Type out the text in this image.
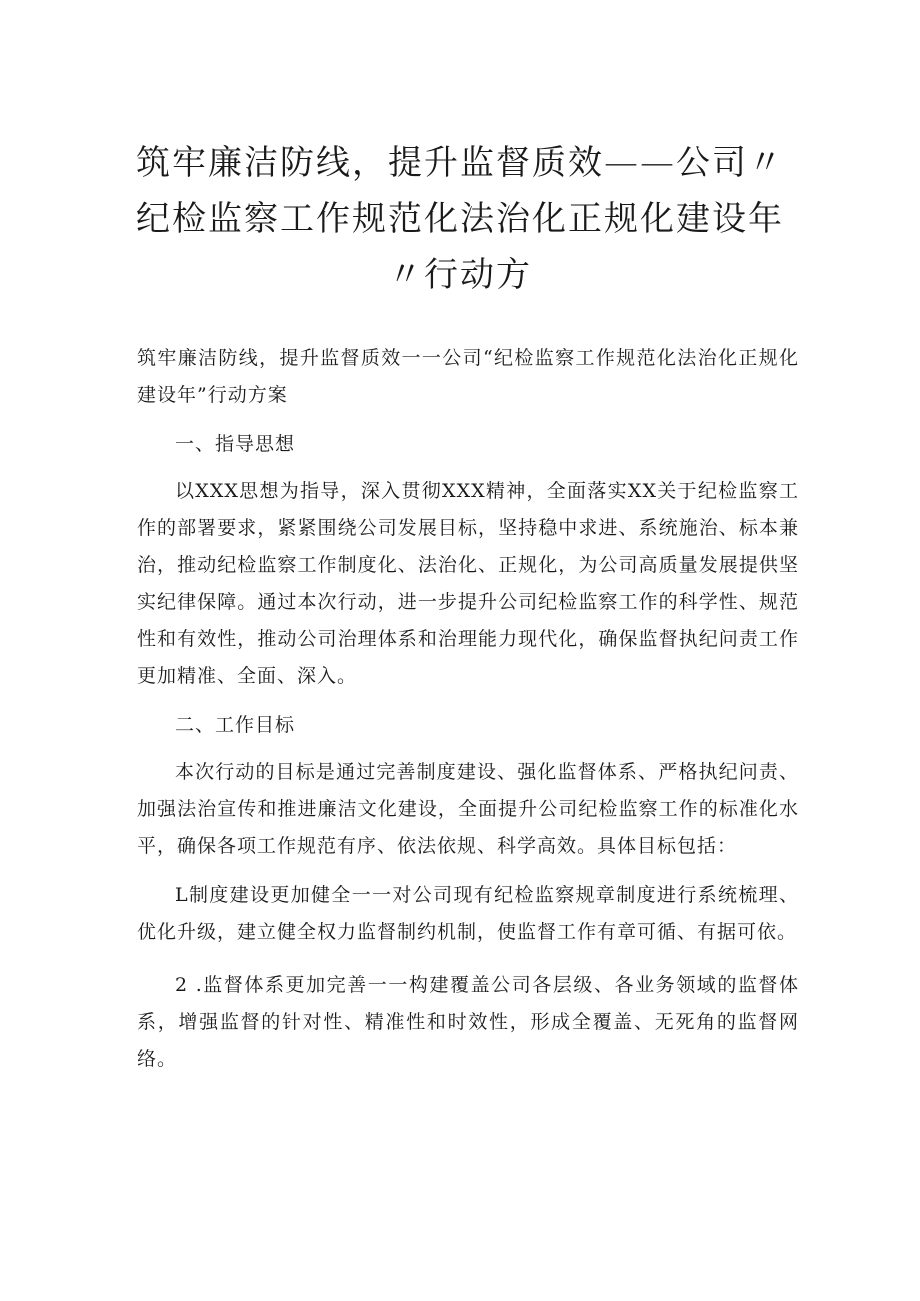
筑牢廉洁防线，提升监督质效——公司〃纪检监察工作规范化法治化正规化建设年〃行动方

筑牢廉洁防线，提升监督质效一一公司“纪检监察工作规范化法治化正规化建设年”行动方案

一、指导思想

以XXX思想为指导，深入贯彻XXX精神，全面落实XX关于纪检监察工作的部署要求，紧紧围绕公司发展目标，坚持稳中求进、系统施治、标本兼治，推动纪检监察工作制度化、法治化、正规化，为公司高质量发展提供坚实纪律保障。通过本次行动，进一步提升公司纪检监察工作的科学性、规范性和有效性，推动公司治理体系和治理能力现代化，确保监督执纪问责工作更加精准、全面、深入。

二、工作目标

本次行动的目标是通过完善制度建设、强化监督体系、严格执纪问责、加强法治宣传和推进廉洁文化建设，全面提升公司纪检监察工作的标准化水平，确保各项工作规范有序、依法依规、科学高效。具体目标包括：

L制度建设更加健全一一对公司现有纪检监察规章制度进行系统梳理、优化升级，建立健全权力监督制约机制，使监督工作有章可循、有据可依。

2 .监督体系更加完善一一构建覆盖公司各层级、各业务领域的监督体系，增强监督的针对性、精准性和时效性，形成全覆盖、无死角的监督网络。
